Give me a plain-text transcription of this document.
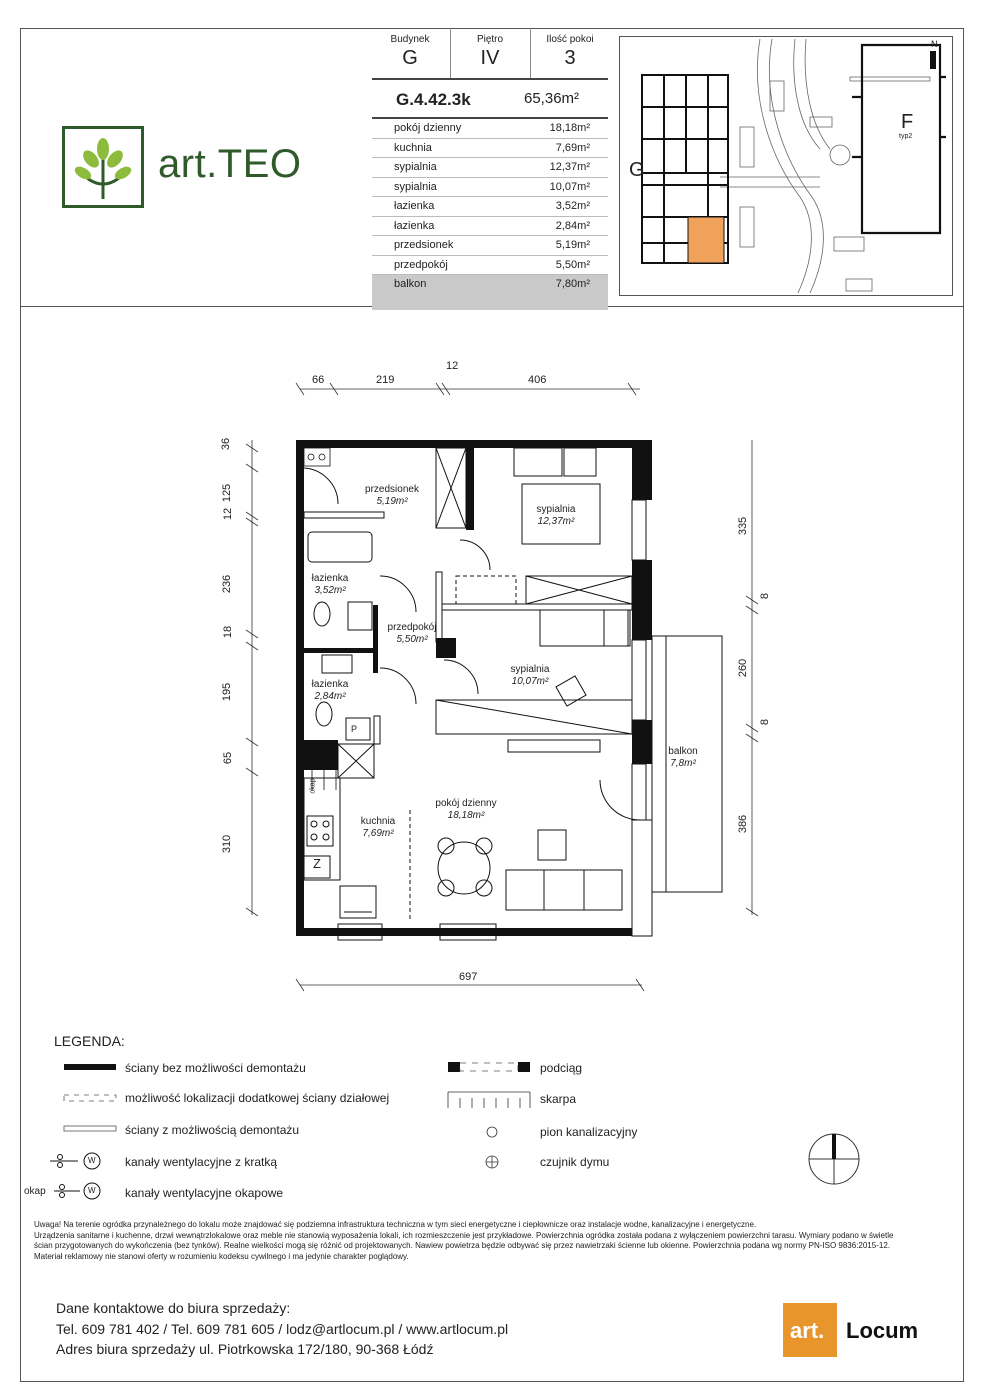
art.TEO
Budynek
G
Piętro
IV
Ilość pokoi
3
G.4.42.3k	65,36m²
pokój dzienny	18,18m²
kuchnia	7,69m²
sypialnia	12,37m²
sypialnia	10,07m²
łazienka	3,52m²
łazienka	2,84m²
przedsionek	5,19m²
przedpokój	5,50m²
balkon	7,80m²
G
F
typ2
N
66	219
12
406
36
125
12
236
18
195
65
310
335
8
260
8
386
697
przedsionek
5,19m²
sypialnia
12,37m²
łazienka
3,52m²
przedpokój
5,50m²
sypialnia
10,07m²
łazienka
2,84m²
balkon
7,8m²
kuchnia
7,69m²
pokój dzienny
18,18m²
Z
P
okap
LEGENDA:
ściany bez możliwości demontażu
możliwość lokalizacji dodatkowej ściany działowej
ściany z możliwością demontażu
kanały wentylacyjne z kratką
kanały wentylacyjne okapowe
podciąg
skarpa
pion kanalizacyjny
czujnik dymu
okap
W
W
Uwaga! Na terenie ogródka przynależnego do lokalu może znajdować się podziemna infrastruktura techniczna w tym sieci energetyczne i ciepłownicze oraz instalacje wodne, kanalizacyjne i energetyczne.
Urządzenia sanitarne i kuchenne, drzwi wewnątrzlokalowe oraz meble nie stanowią wyposażenia lokali, ich rozmieszczenie jest przykładowe. Powierzchnia ogródka została podana z wyłączeniem powierzchni tarasu. Wymiary podano w świetle ścian przygotowanych do wykończenia (bez tynków). Realne wielkości mogą się różnić od projektowanych. Nawiew powietrza będzie odbywać się przez nawietrzaki ścienne lub okienne. Powierzchnia podana wg normy PN-ISO 9836:2015-12. Materiał reklamowy nie stanowi oferty w rozumieniu kodeksu cywilnego i ma jedynie charakter poglądowy.
Dane kontaktowe do biura sprzedaży:
Tel. 609 781 402 / Tel. 609 781 605 / lodz@artlocum.pl / www.artlocum.pl
Adres biura sprzedaży ul. Piotrkowska 172/180, 90-368 Łódź
art. Locum
